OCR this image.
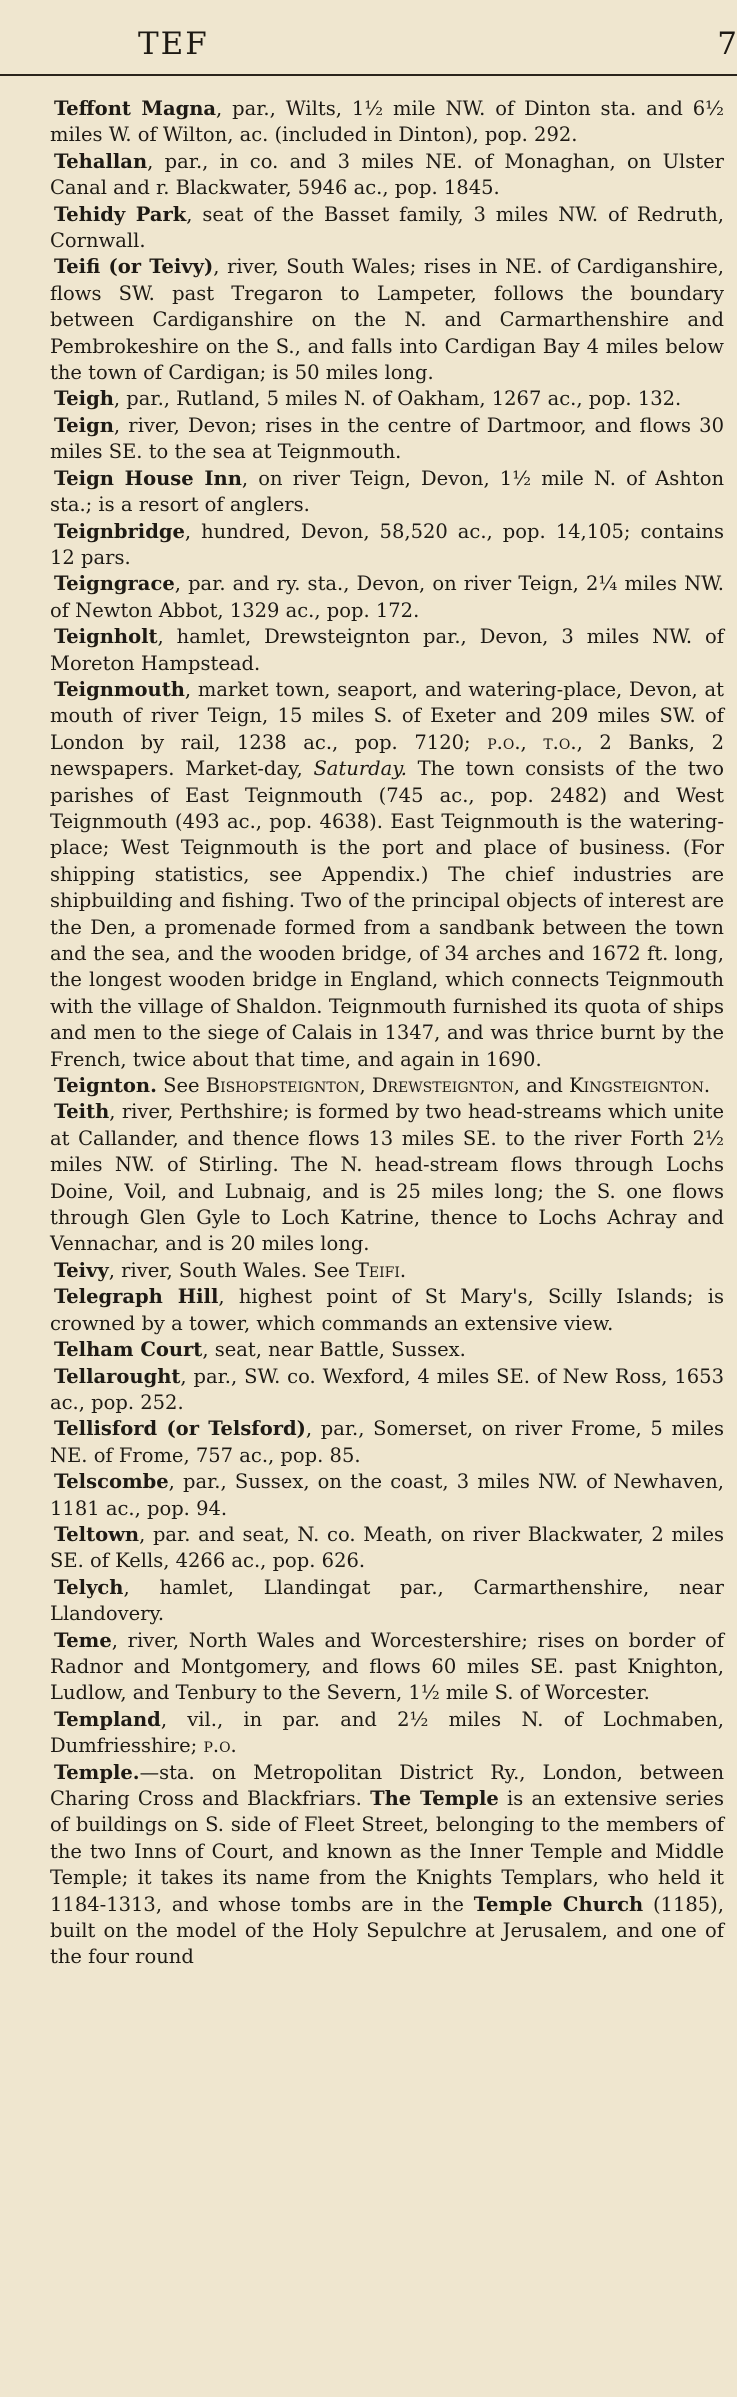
TEF	7

Teffont Magna, par., Wilts, 1½ mile NW. of Dinton sta. and 6½ miles W. of Wilton, ac. (included in Dinton), pop. 292.

Tehallan, par., in co. and 3 miles NE. of Monaghan, on Ulster Canal and r. Blackwater, 5946 ac., pop. 1845.

Tehidy Park, seat of the Basset family, 3 miles NW. of Redruth, Cornwall.

Teifi (or Teivy), river, South Wales; rises in NE. of Cardiganshire, flows SW. past Tregaron to Lampeter, follows the boundary between Cardiganshire on the N. and Carmarthenshire and Pembrokeshire on the S., and falls into Cardigan Bay 4 miles below the town of Cardigan; is 50 miles long.

Teigh, par., Rutland, 5 miles N. of Oakham, 1267 ac., pop. 132.

Teign, river, Devon; rises in the centre of Dartmoor, and flows 30 miles SE. to the sea at Teignmouth.

Teign House Inn, on river Teign, Devon, 1½ mile N. of Ashton sta.; is a resort of anglers.

Teignbridge, hundred, Devon, 58,520 ac., pop. 14,105; contains 12 pars.

Teigngrace, par. and ry. sta., Devon, on river Teign, 2¼ miles NW. of Newton Abbot, 1329 ac., pop. 172.

Teignholt, hamlet, Drewsteignton par., Devon, 3 miles NW. of Moreton Hampstead.

Teignmouth, market town, seaport, and watering-place, Devon, at mouth of river Teign, 15 miles S. of Exeter and 209 miles SW. of London by rail, 1238 ac., pop. 7120; p.o., t.o., 2 Banks, 2 newspapers. Market-day, Saturday. The town consists of the two parishes of East Teignmouth (745 ac., pop. 2482) and West Teignmouth (493 ac., pop. 4638). East Teignmouth is the watering-place; West Teignmouth is the port and place of business. (For shipping statistics, see Appendix.) The chief industries are shipbuilding and fishing. Two of the principal objects of interest are the Den, a promenade formed from a sandbank between the town and the sea, and the wooden bridge, of 34 arches and 1672 ft. long, the longest wooden bridge in England, which connects Teignmouth with the village of Shaldon. Teignmouth furnished its quota of ships and men to the siege of Calais in 1347, and was thrice burnt by the French, twice about that time, and again in 1690.

Teignton. See Bishopsteignton, Drewsteignton, and Kingsteignton.

Teith, river, Perthshire; is formed by two head-streams which unite at Callander, and thence flows 13 miles SE. to the river Forth 2½ miles NW. of Stirling. The N. head-stream flows through Lochs Doine, Voil, and Lubnaig, and is 25 miles long; the S. one flows through Glen Gyle to Loch Katrine, thence to Lochs Achray and Vennachar, and is 20 miles long.

Teivy, river, South Wales. See Teifi.

Telegraph Hill, highest point of St Mary's, Scilly Islands; is crowned by a tower, which commands an extensive view.

Telham Court, seat, near Battle, Sussex.

Tellarought, par., SW. co. Wexford, 4 miles SE. of New Ross, 1653 ac., pop. 252.

Tellisford (or Telsford), par., Somerset, on river Frome, 5 miles NE. of Frome, 757 ac., pop. 85.

Telscombe, par., Sussex, on the coast, 3 miles NW. of Newhaven, 1181 ac., pop. 94.

Teltown, par. and seat, N. co. Meath, on river Blackwater, 2 miles SE. of Kells, 4266 ac., pop. 626.

Telych, hamlet, Llandingat par., Carmarthenshire, near Llandovery.

Teme, river, North Wales and Worcestershire; rises on border of Radnor and Montgomery, and flows 60 miles SE. past Knighton, Ludlow, and Tenbury to the Severn, 1½ mile S. of Worcester.

Templand, vil., in par. and 2½ miles N. of Lochmaben, Dumfriesshire; p.o.

Temple.—sta. on Metropolitan District Ry., London, between Charing Cross and Blackfriars. The Temple is an extensive series of buildings on S. side of Fleet Street, belonging to the members of the two Inns of Court, and known as the Inner Temple and Middle Temple; it takes its name from the Knights Templars, who held it 1184-1313, and whose tombs are in the Temple Church (1185), built on the model of the Holy Sepulchre at Jerusalem, and one of the four round
